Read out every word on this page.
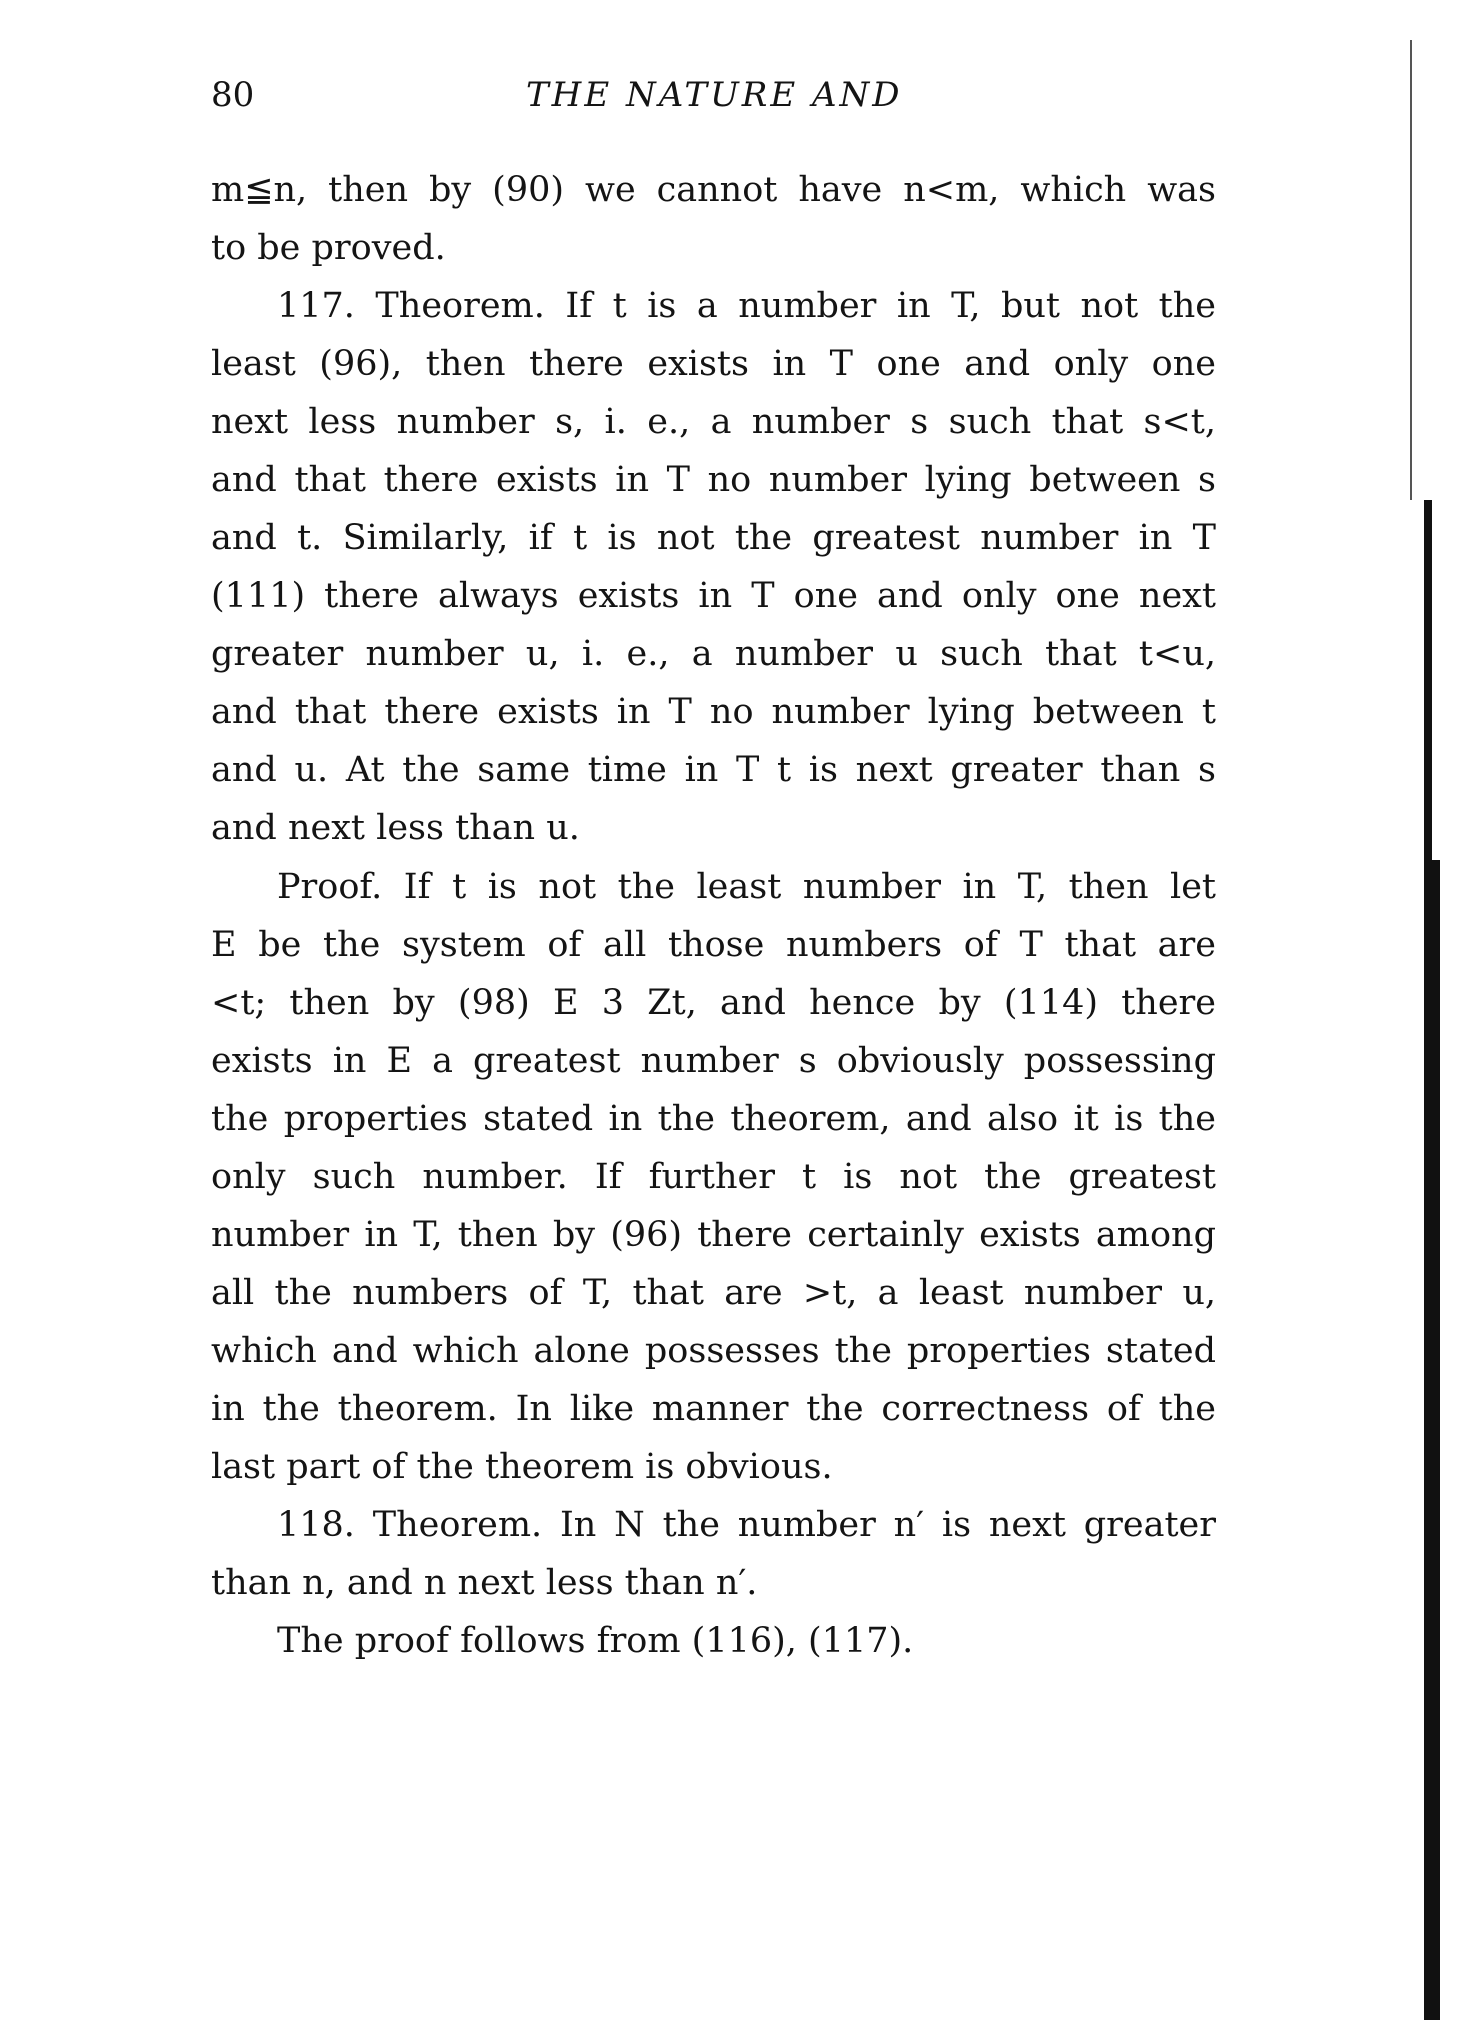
80	THE NATURE AND
m≦n, then by (90) we cannot have n<m, which was
to be proved.
117. Theorem. If t is a number in T, but not the
least (96), then there exists in T one and only one
next less number s, i. e., a number s such that s<t,
and that there exists in T no number lying between s
and t. Similarly, if t is not the greatest number in T
(111) there always exists in T one and only one next
greater number u, i. e., a number u such that t<u,
and that there exists in T no number lying between t
and u. At the same time in T t is next greater than s
and next less than u.
Proof. If t is not the least number in T, then let
E be the system of all those numbers of T that are
<t; then by (98) E 3 Zt, and hence by (114) there
exists in E a greatest number s obviously possessing
the properties stated in the theorem, and also it is the
only such number. If further t is not the greatest
number in T, then by (96) there certainly exists among
all the numbers of T, that are >t, a least number u,
which and which alone possesses the properties stated
in the theorem. In like manner the correctness of the
last part of the theorem is obvious.
118. Theorem. In N the number n′ is next greater
than n, and n next less than n′.
The proof follows from (116), (117).
